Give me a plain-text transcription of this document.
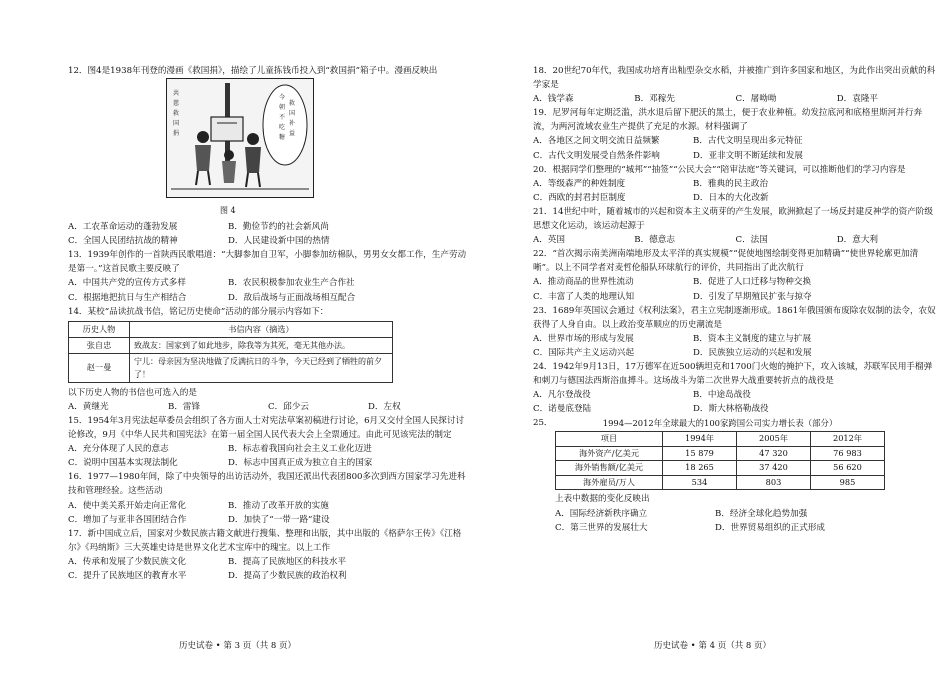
12．图4是1938年刊登的漫画《救国捐》，描绘了儿童拣钱币投入到“救国捐”箱子中。漫画反映出
今
朝
不
吃
糖
救
国
补
益
共
慈
救
国
捐
图 4
A．工农革命运动的蓬勃发展	B．勤俭节约的社会新风尚
C．全国人民团结抗战的精神	D．人民建设新中国的热情
13．1939年创作的一首陕西民歌唱道：“大脚参加自卫军，小脚参加纺棉队，男男女女都工作，生产劳动是第一。”这首民歌主要反映了
A．中国共产党的宣传方式多样	B．农民积极参加农业生产合作社
C．根据地把抗日与生产相结合	D．敌后战场与正面战场相互配合
14．某校“品读抗战书信，铭记历史使命”活动的部分展示内容如下：
历史人物	书信内容（摘选）
张自忠	致战友：国家到了如此地步，除我等为其死，毫无其他办法。
赵一曼	宁儿：母亲因为坚决地做了反满抗日的斗争，今天已经到了牺牲的前夕了！
以下历史人物的书信也可选入的是
A．黄继光	B．雷锋	C．邱少云	D．左权
15．1954年3月宪法起草委员会组织了各方面人士对宪法草案初稿进行讨论，6月又交付全国人民探讨讨论修改，9月《中华人民共和国宪法》在第一届全国人民代表大会上全票通过。由此可见该宪法的制定
A．充分体现了人民的意志	B．标志着我国向社会主义工业化迈进
C．说明中国基本实现法制化	D．标志中国真正成为独立自主的国家
16．1977—1980年间，除了中央领导的出访活动外，我国还派出代表团800多次到西方国家学习先进科技和管理经验。这些活动
A．使中美关系开始走向正常化	B．推动了改革开放的实施
C．增加了与亚非各国团结合作	D．加快了“一带一路”建设
17．新中国成立后，国家对少数民族古籍文献进行搜集、整理和出版，其中出版的《格萨尔王传》《江格尔》《玛纳斯》三大英雄史诗是世界文化艺术宝库中的瑰宝。以上工作
A．传承和发展了少数民族文化	B．提高了民族地区的科技水平
C．提升了民族地区的教育水平	D．提高了少数民族的政治权利
历史试卷 • 第 3 页（共 8 页）
18．20世纪70年代，我国成功培育出籼型杂交水稻，并被推广到许多国家和地区，为此作出突出贡献的科学家是
A．钱学森	B．邓稼先	C．屠呦呦	D．袁隆平
19．尼罗河每年定期泛滥，洪水退后留下肥沃的黑土，便于农业种植。幼发拉底河和底格里斯河并行奔流，为两河流域农业生产提供了充足的水源。材料强调了
A．各地区之间文明交流日益频繁	B．古代文明呈现出多元特征
C．古代文明发展受自然条件影响	D．亚非文明不断延续和发展
20．根据同学们整理的“城邦”“抽签”“公民大会”“陪审法庭”等关键词，可以推断他们的学习内容是
A．等级森严的种姓制度	B．雅典的民主政治
C．西欧的封君封臣制度	D．日本的大化改新
21．14世纪中叶，随着城市的兴起和资本主义萌芽的产生发展，欧洲掀起了一场反封建反神学的资产阶级思想文化运动，该运动起源于
A．英国	B．德意志	C．法国	D．意大利
22．“首次揭示南美洲南端地形及太平洋的真实规模”“促使地图绘制变得更加精确”“使世界轮廓更加清晰”。以上不同学者对麦哲伦船队环球航行的评价，共同指出了此次航行
A．推动商品的世界性流动	B．促进了人口迁移与物种交换
C．丰富了人类的地理认知	D．引发了早期殖民扩张与掠夺
23．1689年英国议会通过《权利法案》，君主立宪制逐渐形成。1861年俄国颁布废除农奴制的法令，农奴获得了人身自由。以上政治变革顺应的历史潮流是
A．世界市场的形成与发展	B．资本主义制度的建立与扩展
C．国际共产主义运动兴起	D．民族独立运动的兴起和发展
24．1942年9月13日，17万德军在近500辆坦克和1700门火炮的掩护下，攻入该城，苏联军民用手榴弹和刺刀与德国法西斯浴血搏斗。这场战斗为第二次世界大战重要转折点的战役是
A．凡尔登战役	B．中途岛战役
C．诺曼底登陆	D．斯大林格勒战役
25．	1994—2012年全球最大的100家跨国公司实力增长表（部分）
项目	1994年	2005年	2012年
海外资产/亿美元	15 879	47 320	76 983
海外销售额/亿美元	18 265	37 420	56 620
海外雇员/万人	534	803	985
上表中数据的变化反映出
A．国际经济新秩序确立	B．经济全球化趋势加强
C．第三世界的发展壮大	D．世界贸易组织的正式形成
历史试卷 • 第 4 页（共 8 页）
